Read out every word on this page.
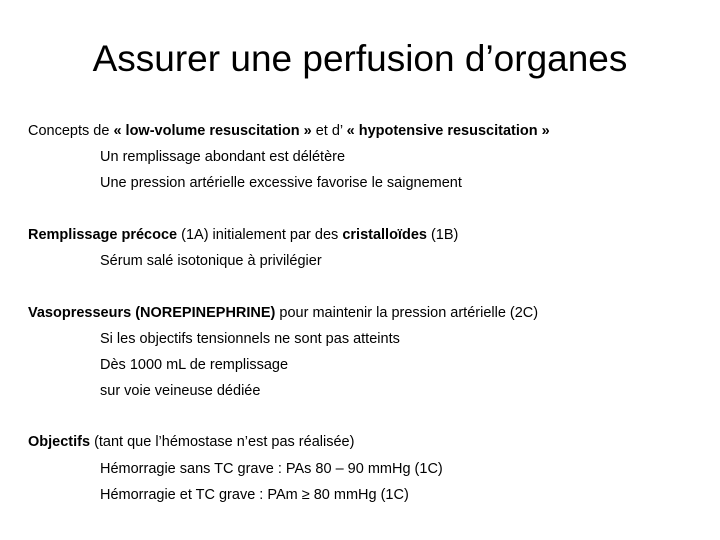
Assurer une perfusion d’organes
Concepts de « low-volume resuscitation » et d’ « hypotensive resuscitation »
Un remplissage abondant est délétère
Une pression artérielle excessive favorise le saignement
Remplissage précoce (1A) initialement par des cristalloïdes (1B)
Sérum salé isotonique à privilégier
Vasopresseurs (NOREPINEPHRINE) pour maintenir la pression artérielle (2C)
Si les objectifs tensionnels ne sont pas atteints
Dès 1000 mL de remplissage
sur voie veineuse dédiée
Objectifs (tant que l’hémostase n’est pas réalisée)
Hémorragie sans TC grave : PAs 80 – 90 mmHg (1C)
Hémorragie et TC grave : PAm ≥ 80 mmHg (1C)
